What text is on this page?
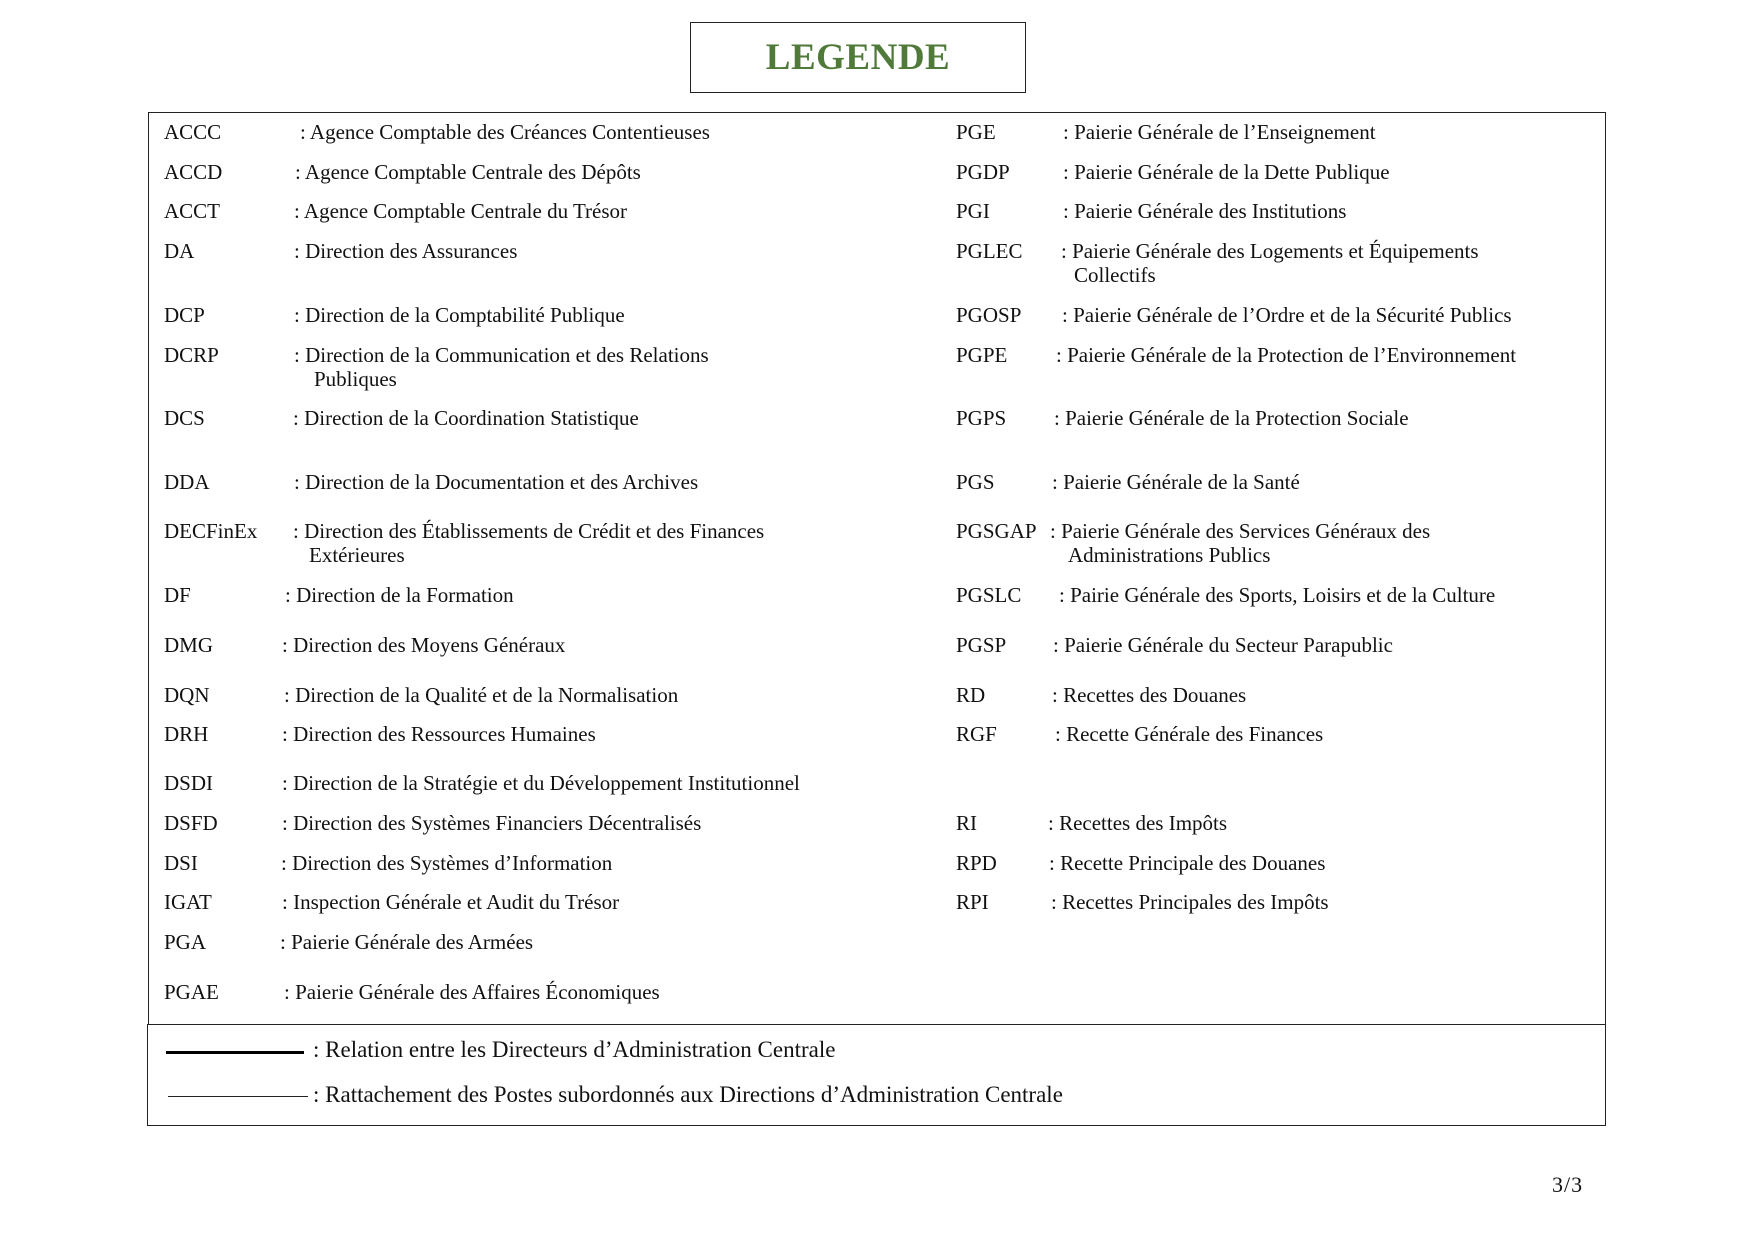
LEGENDE
ACCC	: Agence Comptable des Créances Contentieuses
ACCD	: Agence Comptable Centrale des Dépôts
ACCT	: Agence Comptable Centrale du Trésor
DA	: Direction des Assurances
DCP	: Direction de la Comptabilité Publique
DCRP	: Direction de la Communication et des Relations
Publiques
DCS	: Direction de la Coordination Statistique
DDA	: Direction de la Documentation et des Archives
DECFinEx : Direction des Établissements de Crédit et des Finances
Extérieures
DF	: Direction de la Formation
DMG	: Direction des Moyens Généraux
DQN	: Direction de la Qualité et de la Normalisation
DRH	: Direction des Ressources Humaines
DSDI	: Direction de la Stratégie et du Développement Institutionnel
DSFD	: Direction des Systèmes Financiers Décentralisés
DSI	: Direction des Systèmes d’Information
IGAT	: Inspection Générale et Audit du Trésor
PGA	: Paierie Générale des Armées
PGAE	: Paierie Générale des Affaires Économiques
PGE	: Paierie Générale de l’Enseignement
PGDP	: Paierie Générale de la Dette Publique
PGI	: Paierie Générale des Institutions
PGLEC : Paierie Générale des Logements et Équipements
Collectifs
PGOSP : Paierie Générale de l’Ordre et de la Sécurité Publics
PGPE : Paierie Générale de la Protection de l’Environnement
PGPS : Paierie Générale de la Protection Sociale
PGS	: Paierie Générale de la Santé
PGSGAP : Paierie Générale des Services Généraux des
Administrations Publics
PGSLC : Pairie Générale des Sports, Loisirs et de la Culture
PGSP : Paierie Générale du Secteur Parapublic
RD	: Recettes des Douanes
RGF	: Recette Générale des Finances
RI	: Recettes des Impôts
RPD : Recette Principale des Douanes
RPI	: Recettes Principales des Impôts
: Relation entre les Directeurs d’Administration Centrale
: Rattachement des Postes subordonnés aux Directions d’Administration Centrale
3/3
